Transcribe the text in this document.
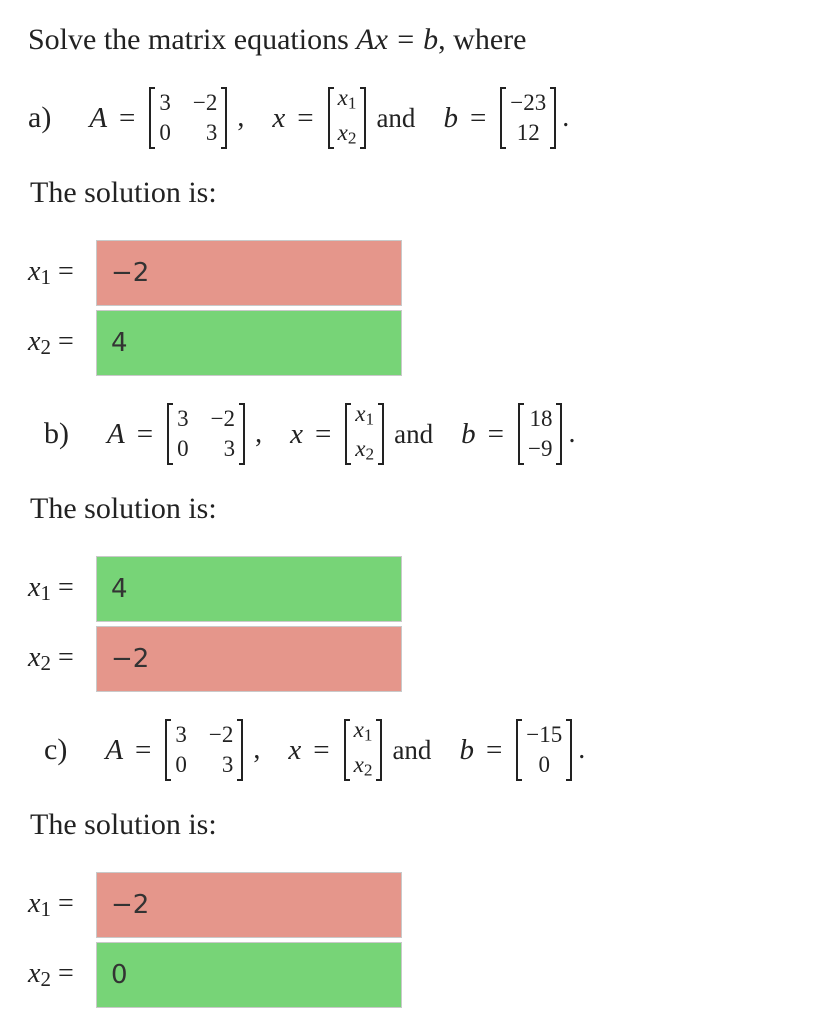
Solve the matrix equations Ax = b, where
a) A = 3 −2
0	3 , x =
x1
x2
and b = −23
12 .
The solution is:
x1 =	−2
x2 =	4
b) A = 3 −2
0	3 , x =
x1
x2
and b = 18
−9 .
The solution is:
x1 =	4
x2 =	−2
c) A = 3 −2
0	3 , x =
x1
x2
and b = −15
0	.
The solution is:
x1 =	−2
x2 =	0
